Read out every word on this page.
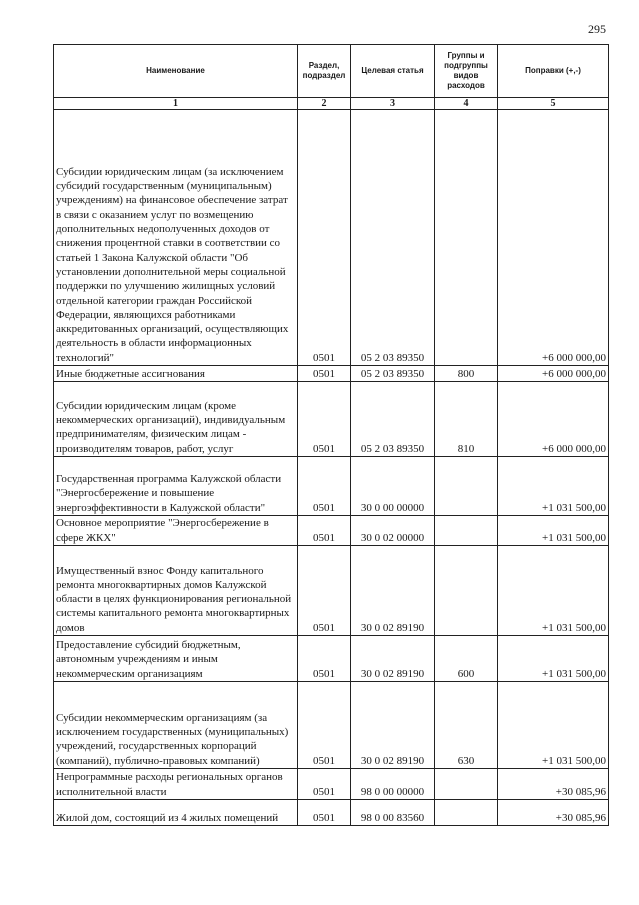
295
Наименование	Раздел, подраздел	Целевая статья	Группы и подгруппы видов расходов	Поправки (+,-)
1	2	3	4	5
Субсидии юридическим лицам (за исключением субсидий государственным (муниципальным) учреждениям) на финансовое обеспечение затрат в связи с оказанием услуг по возмещению дополнительных недополученных доходов от снижения процентной ставки в соответствии со статьей 1 Закона Калужской области "Об установлении дополнительной меры социальной поддержки по улучшению жилищных условий отдельной категории граждан Российской Федерации, являющихся работниками аккредитованных организаций, осуществляющих деятельность в области информационных технологий"	0501	05 2 03 89350		+6 000 000,00
Иные бюджетные ассигнования	0501	05 2 03 89350	800	+6 000 000,00
Субсидии юридическим лицам (кроме некоммерческих организаций), индивидуальным предпринимателям, физическим лицам - производителям товаров, работ, услуг	0501	05 2 03 89350	810	+6 000 000,00
Государственная программа Калужской области "Энергосбережение и повышение энергоэффективности в Калужской области"	0501	30 0 00 00000		+1 031 500,00
Основное мероприятие "Энергосбережение в сфере ЖКХ"	0501	30 0 02 00000		+1 031 500,00
Имущественный взнос Фонду капитального ремонта многоквартирных домов Калужской области в целях функционирования региональной системы капитального ремонта многоквартирных домов	0501	30 0 02 89190		+1 031 500,00
Предоставление субсидий бюджетным, автономным учреждениям и иным некоммерческим организациям	0501	30 0 02 89190	600	+1 031 500,00
Субсидии некоммерческим организациям (за исключением государственных (муниципальных) учреждений, государственных корпораций (компаний), публично-правовых компаний)	0501	30 0 02 89190	630	+1 031 500,00
Непрограммные расходы региональных органов исполнительной власти	0501	98 0 00 00000		+30 085,96
Жилой дом, состоящий из 4 жилых помещений	0501	98 0 00 83560		+30 085,96
